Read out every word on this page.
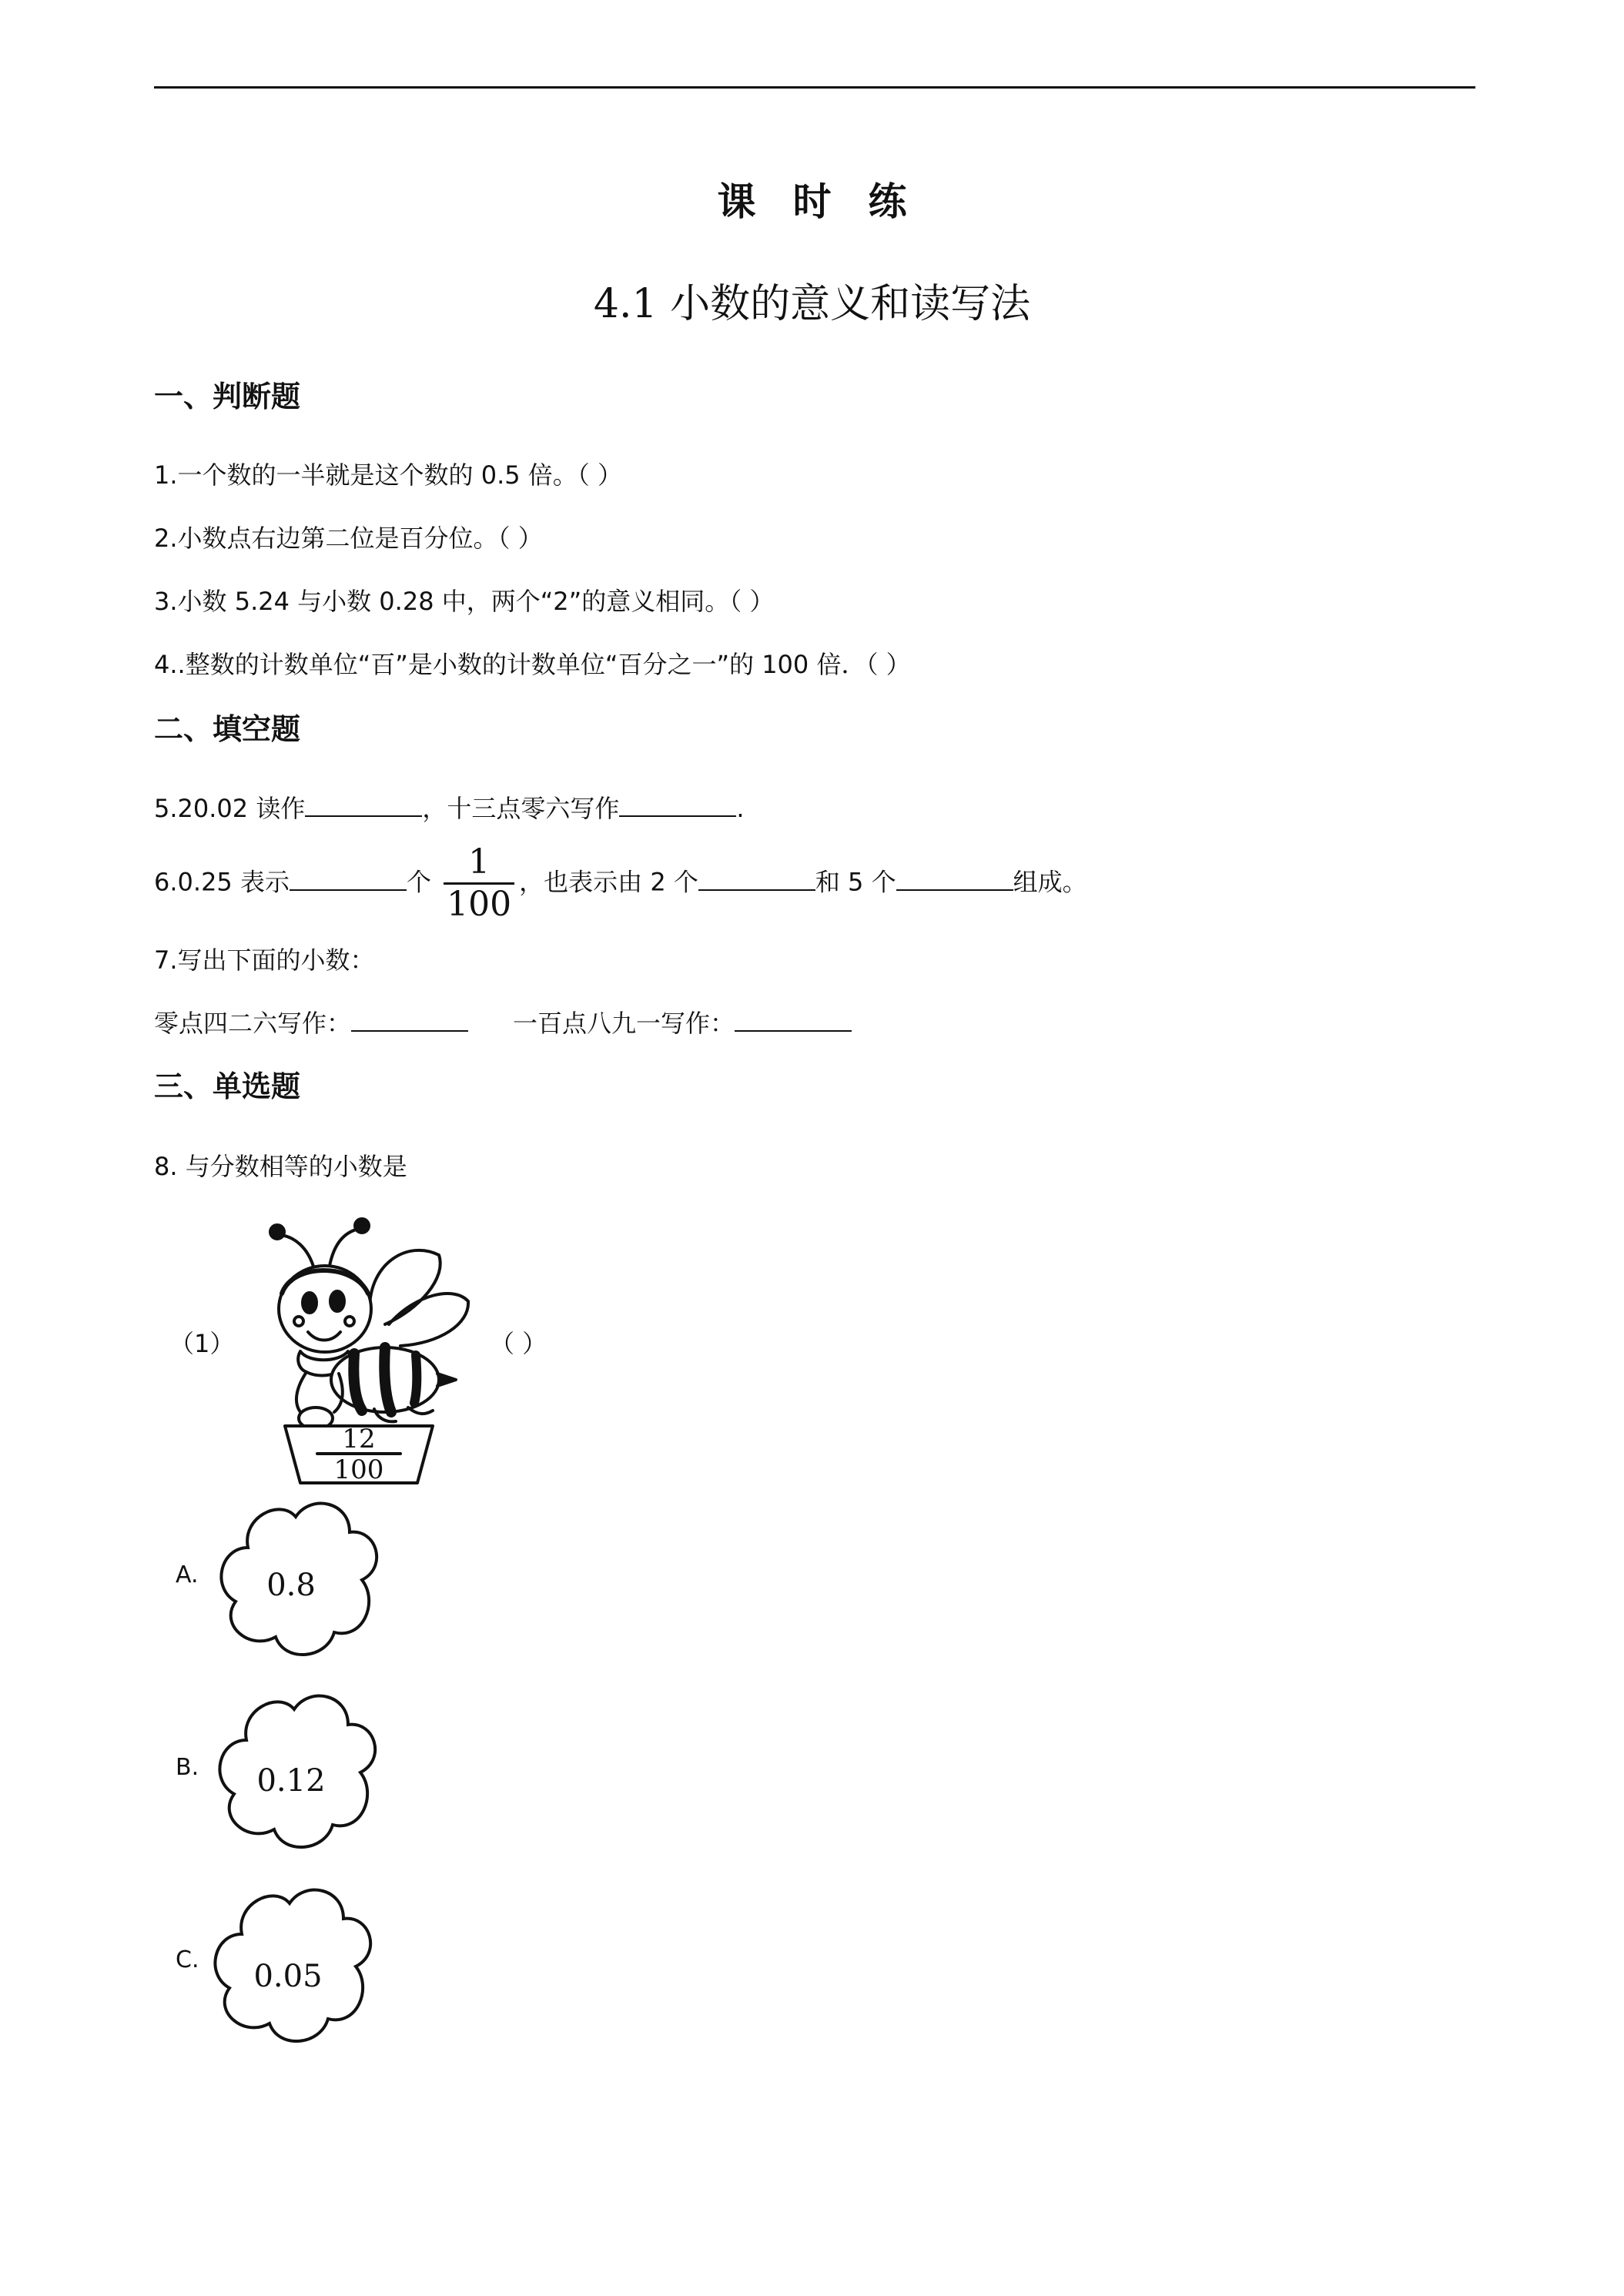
课时练
4.1 小数的意义和读写法
一、判断题
1.一个数的一半就是这个数的 0.5 倍。（ ）
2.小数点右边第二位是百分位。（ ）
3.小数 5.24 与小数 0.28 中，两个“2”的意义相同。（ ）
4..整数的计数单位“百”是小数的计数单位“百分之一”的 100 倍．（ ）
二、填空题
5.20.02 读作	，十三点零六写作	.
6.0.25 表示	个 $\frac{1}{100}$ ，也表示由 2 个	和 5 个	组成。
7.写出下面的小数：
零点四二六写作：	一百点八九一写作：
三、单选题
8. 与分数相等的小数是
（1）	（ ）
12
100
A. 0.8
B. 0.12
C. 0.05
